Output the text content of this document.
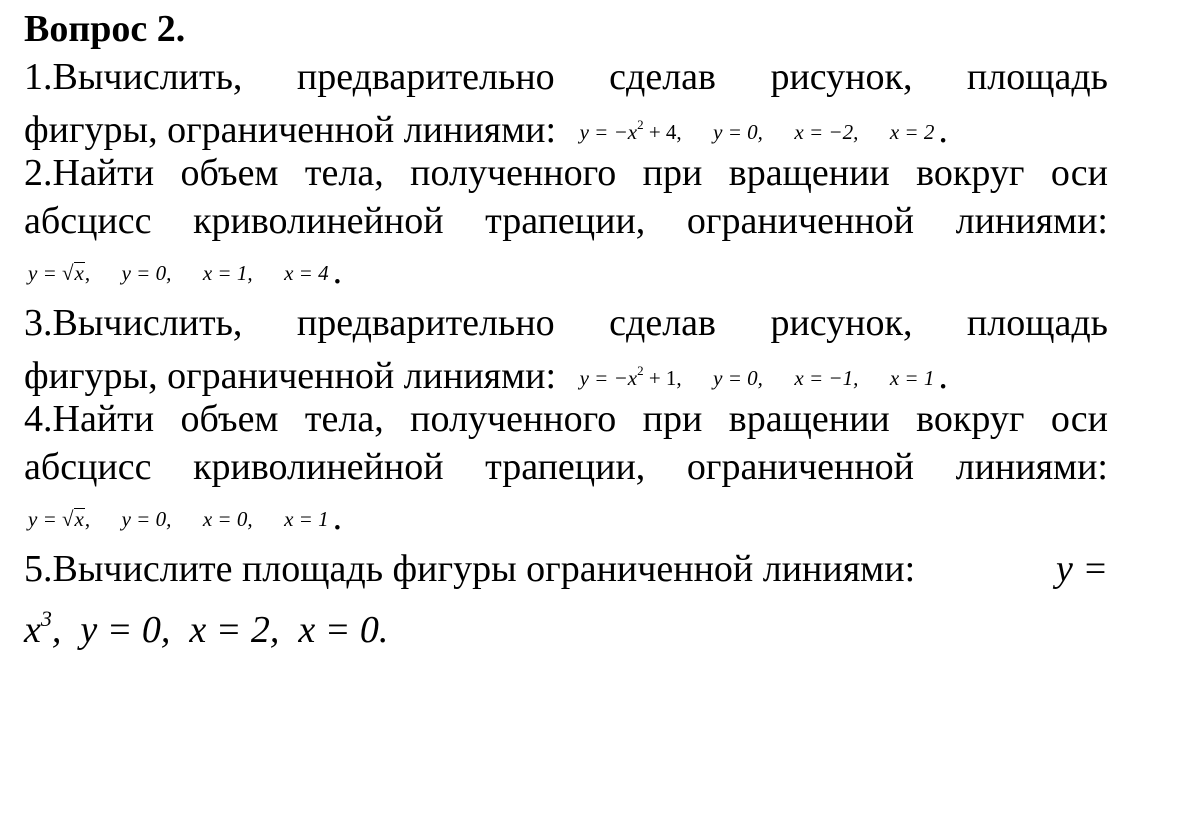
Вопрос 2.
1.Вычислить, предварительно сделав рисунок, площадь
фигуры, ограниченной линиями: $y = -x^2 + 4$, y = 0, x = −2, x = 2 .
2.Найти объем тела, полученного при вращении вокруг оси
абсцисс криволинейной трапеции, ограниченной линиями:
y = √x, y = 0, x = 1, x = 4 .
3.Вычислить, предварительно сделав рисунок, площадь
фигуры, ограниченной линиями: $y = -x^2 + 1$, y = 0, x = −1, x = 1 .
4.Найти объем тела, полученного при вращении вокруг оси
абсцисс криволинейной трапеции, ограниченной линиями:
y = √x, y = 0, x = 0, x = 1 .
5.Вычислите площадь фигуры ограниченной линиями:	y =
$x^3$,  y = 0,  x = 2,  x = 0.
